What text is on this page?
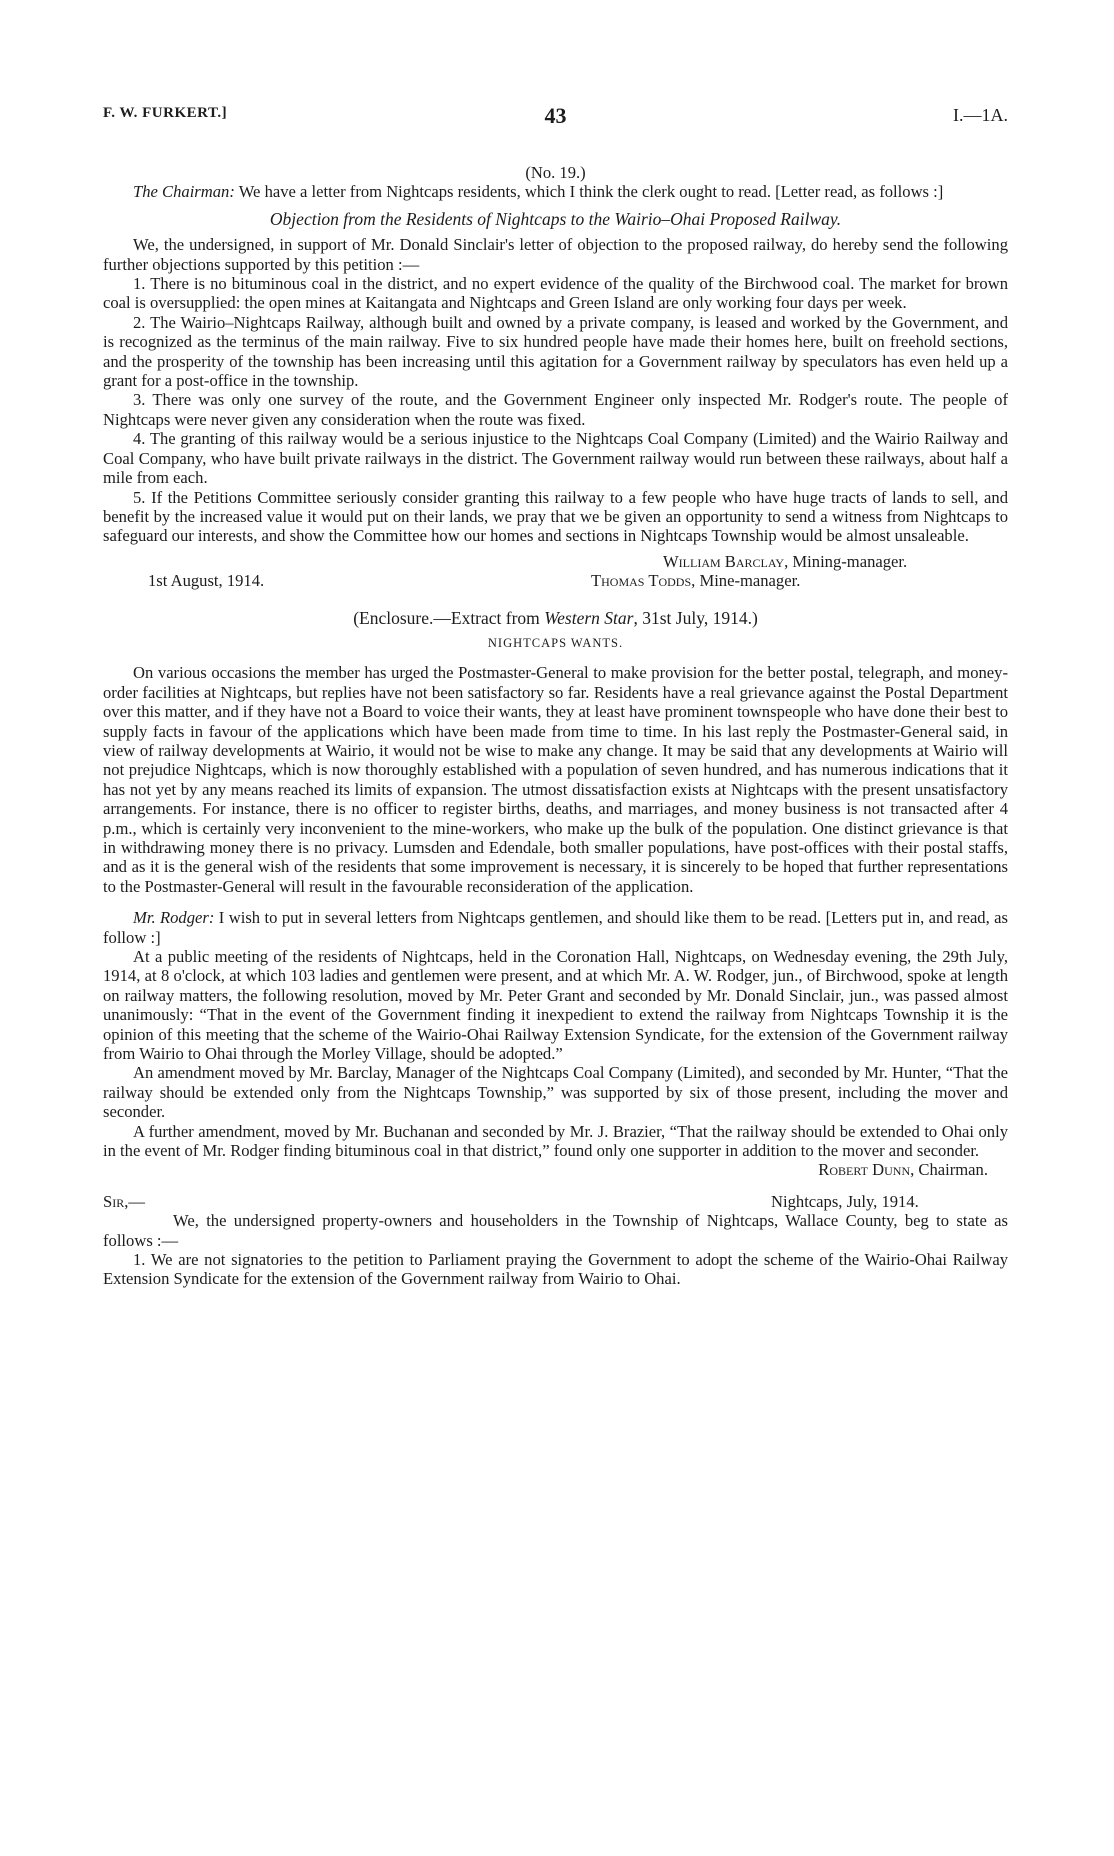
F. W. FURKERT.]	43	I.—1A.

(No. 19.)

The Chairman: We have a letter from Nightcaps residents, which I think the clerk ought to read. [Letter read, as follows :]

Objection from the Residents of Nightcaps to the Wairio–Ohai Proposed Railway.

We, the undersigned, in support of Mr. Donald Sinclair's letter of objection to the proposed railway, do hereby send the following further objections supported by this petition :—

1. There is no bituminous coal in the district, and no expert evidence of the quality of the Birchwood coal. The market for brown coal is oversupplied: the open mines at Kaitangata and Nightcaps and Green Island are only working four days per week.

2. The Wairio–Nightcaps Railway, although built and owned by a private company, is leased and worked by the Government, and is recognized as the terminus of the main railway. Five to six hundred people have made their homes here, built on freehold sections, and the prosperity of the township has been increasing until this agitation for a Government railway by speculators has even held up a grant for a post-office in the township.

3. There was only one survey of the route, and the Government Engineer only inspected Mr. Rodger's route. The people of Nightcaps were never given any consideration when the route was fixed.

4. The granting of this railway would be a serious injustice to the Nightcaps Coal Company (Limited) and the Wairio Railway and Coal Company, who have built private railways in the district. The Government railway would run between these railways, about half a mile from each.

5. If the Petitions Committee seriously consider granting this railway to a few people who have huge tracts of lands to sell, and benefit by the increased value it would put on their lands, we pray that we be given an opportunity to send a witness from Nightcaps to safeguard our interests, and show the Committee how our homes and sections in Nightcaps Township would be almost unsaleable.

William Barclay, Mining-manager.
1st August, 1914.	Thomas Todds, Mine-manager.

(Enclosure.—Extract from Western Star, 31st July, 1914.)

NIGHTCAPS WANTS.

On various occasions the member has urged the Postmaster-General to make provision for the better postal, telegraph, and money-order facilities at Nightcaps, but replies have not been satisfactory so far. Residents have a real grievance against the Postal Department over this matter, and if they have not a Board to voice their wants, they at least have prominent townspeople who have done their best to supply facts in favour of the applications which have been made from time to time. In his last reply the Postmaster-General said, in view of railway developments at Wairio, it would not be wise to make any change. It may be said that any developments at Wairio will not prejudice Nightcaps, which is now thoroughly established with a population of seven hundred, and has numerous indications that it has not yet by any means reached its limits of expansion. The utmost dissatisfaction exists at Nightcaps with the present unsatisfactory arrangements. For instance, there is no officer to register births, deaths, and marriages, and money business is not transacted after 4 p.m., which is certainly very inconvenient to the mine-workers, who make up the bulk of the population. One distinct grievance is that in withdrawing money there is no privacy. Lumsden and Edendale, both smaller populations, have post-offices with their postal staffs, and as it is the general wish of the residents that some improvement is necessary, it is sincerely to be hoped that further representations to the Postmaster-General will result in the favourable reconsideration of the application.

Mr. Rodger: I wish to put in several letters from Nightcaps gentlemen, and should like them to be read. [Letters put in, and read, as follow :]

At a public meeting of the residents of Nightcaps, held in the Coronation Hall, Nightcaps, on Wednesday evening, the 29th July, 1914, at 8 o'clock, at which 103 ladies and gentlemen were present, and at which Mr. A. W. Rodger, jun., of Birchwood, spoke at length on railway matters, the following resolution, moved by Mr. Peter Grant and seconded by Mr. Donald Sinclair, jun., was passed almost unanimously: “That in the event of the Government finding it inexpedient to extend the railway from Nightcaps Township it is the opinion of this meeting that the scheme of the Wairio-Ohai Railway Extension Syndicate, for the extension of the Government railway from Wairio to Ohai through the Morley Village, should be adopted.”

An amendment moved by Mr. Barclay, Manager of the Nightcaps Coal Company (Limited), and seconded by Mr. Hunter, “That the railway should be extended only from the Nightcaps Township,” was supported by six of those present, including the mover and seconder.

A further amendment, moved by Mr. Buchanan and seconded by Mr. J. Brazier, “That the railway should be extended to Ohai only in the event of Mr. Rodger finding bituminous coal in that district,” found only one supporter in addition to the mover and seconder.

Robert Dunn, Chairman.

Sir,—	Nightcaps, July, 1914.

We, the undersigned property-owners and householders in the Township of Nightcaps, Wallace County, beg to state as follows :—

1. We are not signatories to the petition to Parliament praying the Government to adopt the scheme of the Wairio-Ohai Railway Extension Syndicate for the extension of the Government railway from Wairio to Ohai.
